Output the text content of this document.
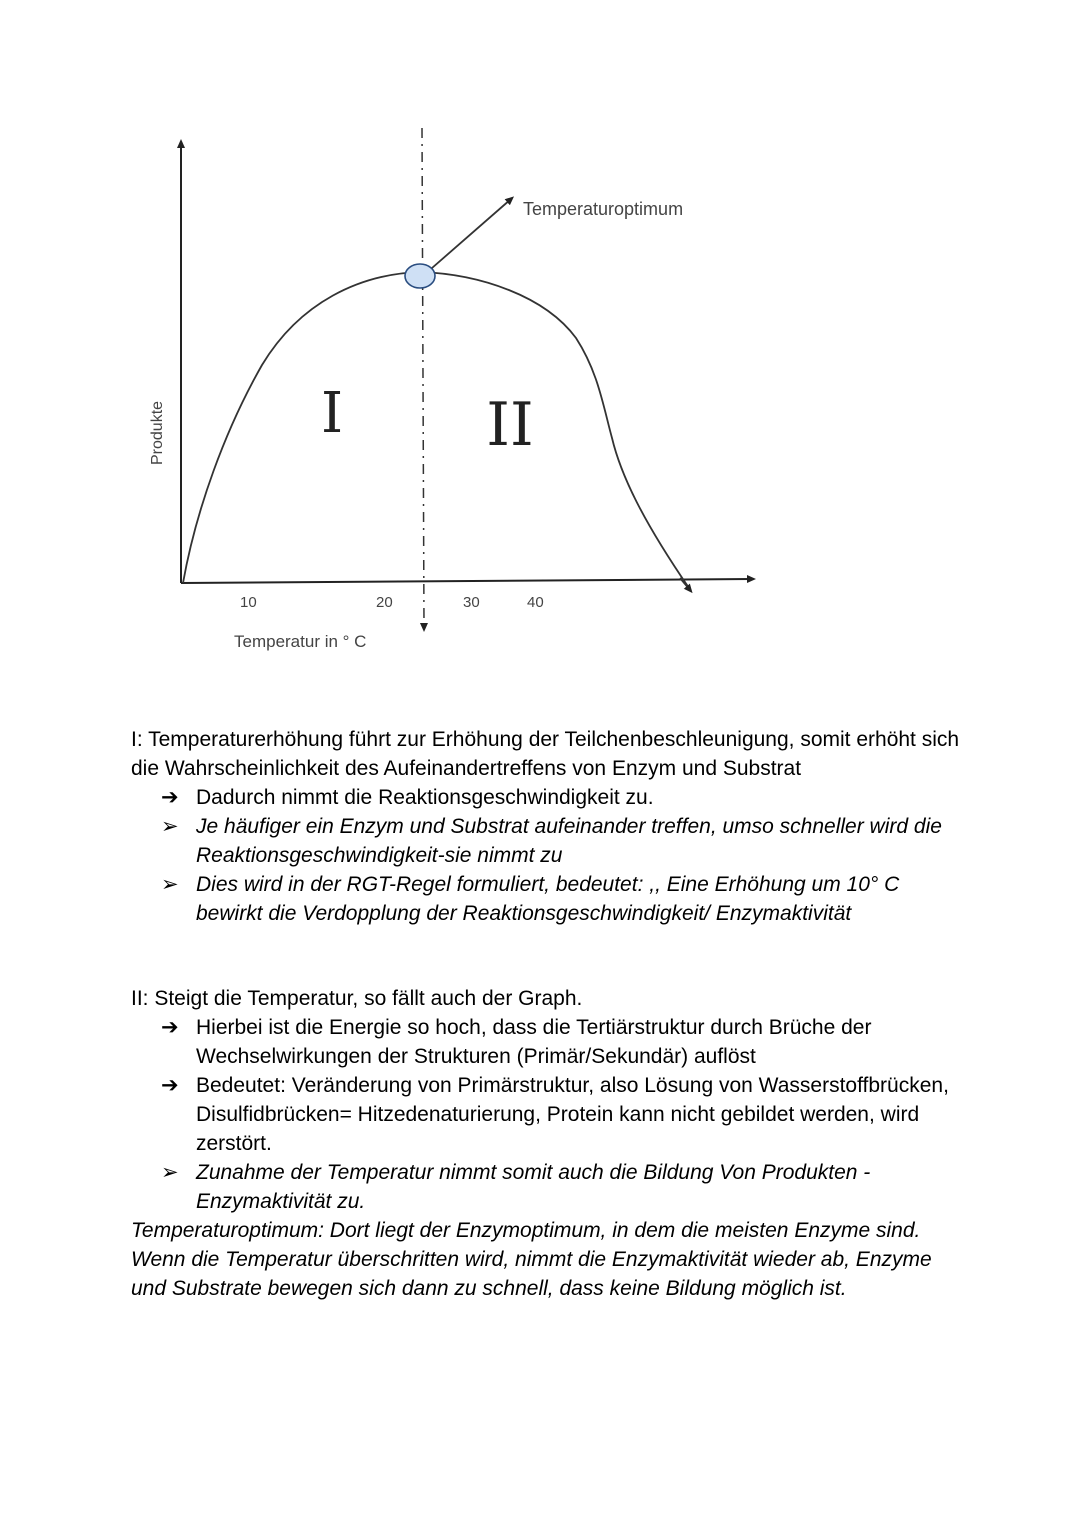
Temperaturoptimum
Produkte
10	20	30	40
Temperatur in ° C
I II

I: Temperaturerhöhung führt zur Erhöhung der Teilchenbeschleunigung, somit erhöht sich die Wahrscheinlichkeit des Aufeinandertreffens von Enzym und Substrat

➔ Dadurch nimmt die Reaktionsgeschwindigkeit zu.

➢ Je häufiger ein Enzym und Substrat aufeinander treffen, umso schneller wird die Reaktionsgeschwindigkeit-sie nimmt zu

➢ Dies wird in der RGT-Regel formuliert, bedeutet: ,, Eine Erhöhung um 10° C bewirkt die Verdopplung der Reaktionsgeschwindigkeit/ Enzymaktivität

II: Steigt die Temperatur, so fällt auch der Graph.

➔ Hierbei ist die Energie so hoch, dass die Tertiärstruktur durch Brüche der Wechselwirkungen der Strukturen (Primär/Sekundär) auflöst

➔ Bedeutet: Veränderung von Primärstruktur, also Lösung von Wasserstoffbrücken, Disulfidbrücken= Hitzedenaturierung, Protein kann nicht gebildet werden, wird zerstört.

➢ Zunahme der Temperatur nimmt somit auch die Bildung Von Produkten - Enzymaktivität zu.

Temperaturoptimum: Dort liegt der Enzymoptimum, in dem die meisten Enzyme sind.

Wenn die Temperatur überschritten wird, nimmt die Enzymaktivität wieder ab, Enzyme und Substrate bewegen sich dann zu schnell, dass keine Bildung möglich ist.
